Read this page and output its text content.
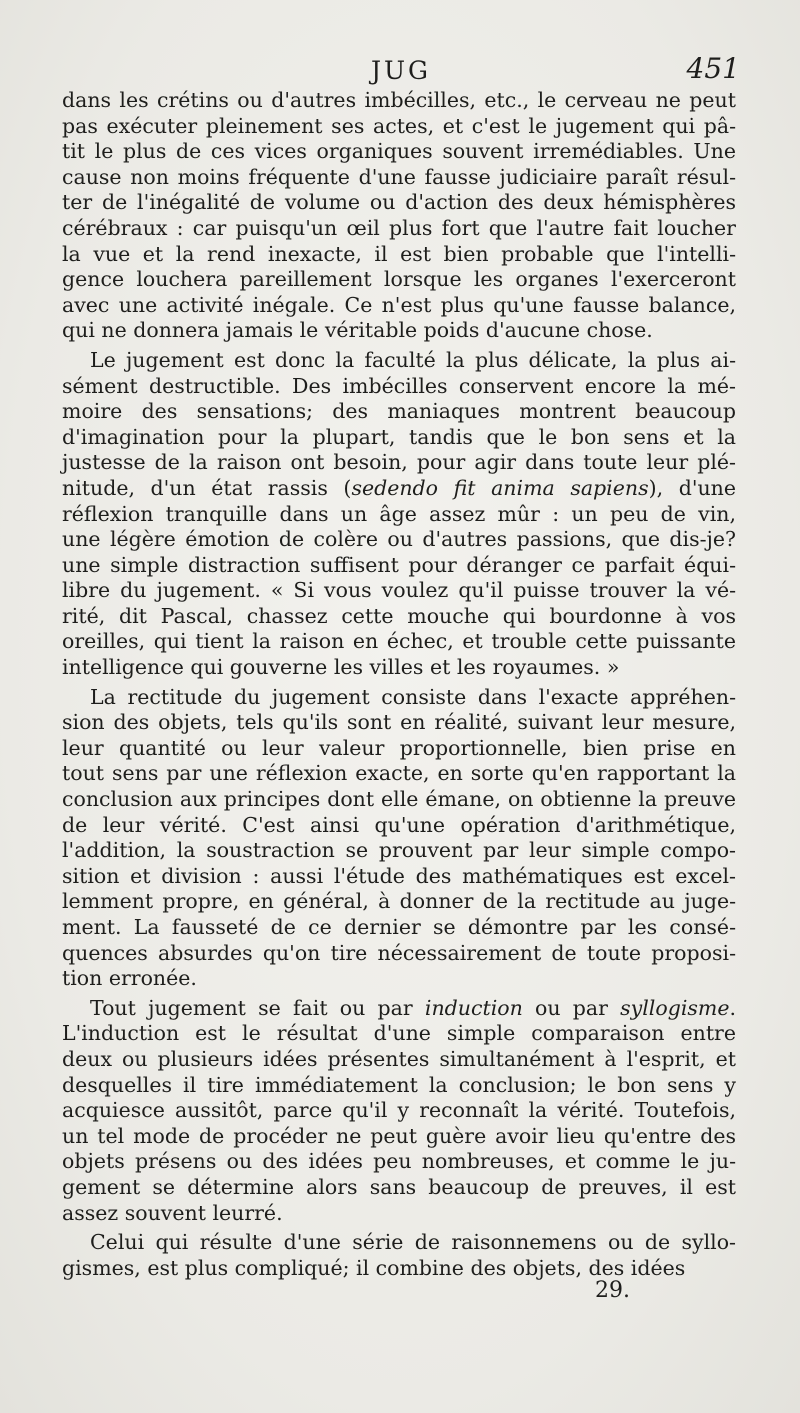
JUG	451
dans les crétins ou d'autres imbécilles, etc., le cerveau ne peut
pas exécuter pleinement ses actes, et c'est le jugement qui pâ-
tit le plus de ces vices organiques souvent irremédiables. Une
cause non moins fréquente d'une fausse judiciaire paraît résul-
ter de l'inégalité de volume ou d'action des deux hémisphères
cérébraux : car puisqu'un œil plus fort que l'autre fait loucher
la vue et la rend inexacte, il est bien probable que l'intelli-
gence louchera pareillement lorsque les organes l'exerceront
avec une activité inégale. Ce n'est plus qu'une fausse balance,
qui ne donnera jamais le véritable poids d'aucune chose.
Le jugement est donc la faculté la plus délicate, la plus ai-
sément destructible. Des imbécilles conservent encore la mé-
moire des sensations; des maniaques montrent beaucoup
d'imagination pour la plupart, tandis que le bon sens et la
justesse de la raison ont besoin, pour agir dans toute leur plé-
nitude, d'un état rassis (sedendo fit anima sapiens), d'une
réflexion tranquille dans un âge assez mûr : un peu de vin,
une légère émotion de colère ou d'autres passions, que dis-je?
une simple distraction suffisent pour déranger ce parfait équi-
libre du jugement. « Si vous voulez qu'il puisse trouver la vé-
rité, dit Pascal, chassez cette mouche qui bourdonne à vos
oreilles, qui tient la raison en échec, et trouble cette puissante
intelligence qui gouverne les villes et les royaumes. »
La rectitude du jugement consiste dans l'exacte appréhen-
sion des objets, tels qu'ils sont en réalité, suivant leur mesure,
leur quantité ou leur valeur proportionnelle, bien prise en
tout sens par une réflexion exacte, en sorte qu'en rapportant la
conclusion aux principes dont elle émane, on obtienne la preuve
de leur vérité. C'est ainsi qu'une opération d'arithmétique,
l'addition, la soustraction se prouvent par leur simple compo-
sition et division : aussi l'étude des mathématiques est excel-
lemment propre, en général, à donner de la rectitude au juge-
ment. La fausseté de ce dernier se démontre par les consé-
quences absurdes qu'on tire nécessairement de toute proposi-
tion erronée.
Tout jugement se fait ou par induction ou par syllogisme.
L'induction est le résultat d'une simple comparaison entre
deux ou plusieurs idées présentes simultanément à l'esprit, et
desquelles il tire immédiatement la conclusion; le bon sens y
acquiesce aussitôt, parce qu'il y reconnaît la vérité. Toutefois,
un tel mode de procéder ne peut guère avoir lieu qu'entre des
objets présens ou des idées peu nombreuses, et comme le ju-
gement se détermine alors sans beaucoup de preuves, il est
assez souvent leurré.
Celui qui résulte d'une série de raisonnemens ou de syllo-
gismes, est plus compliqué; il combine des objets, des idées
29.
